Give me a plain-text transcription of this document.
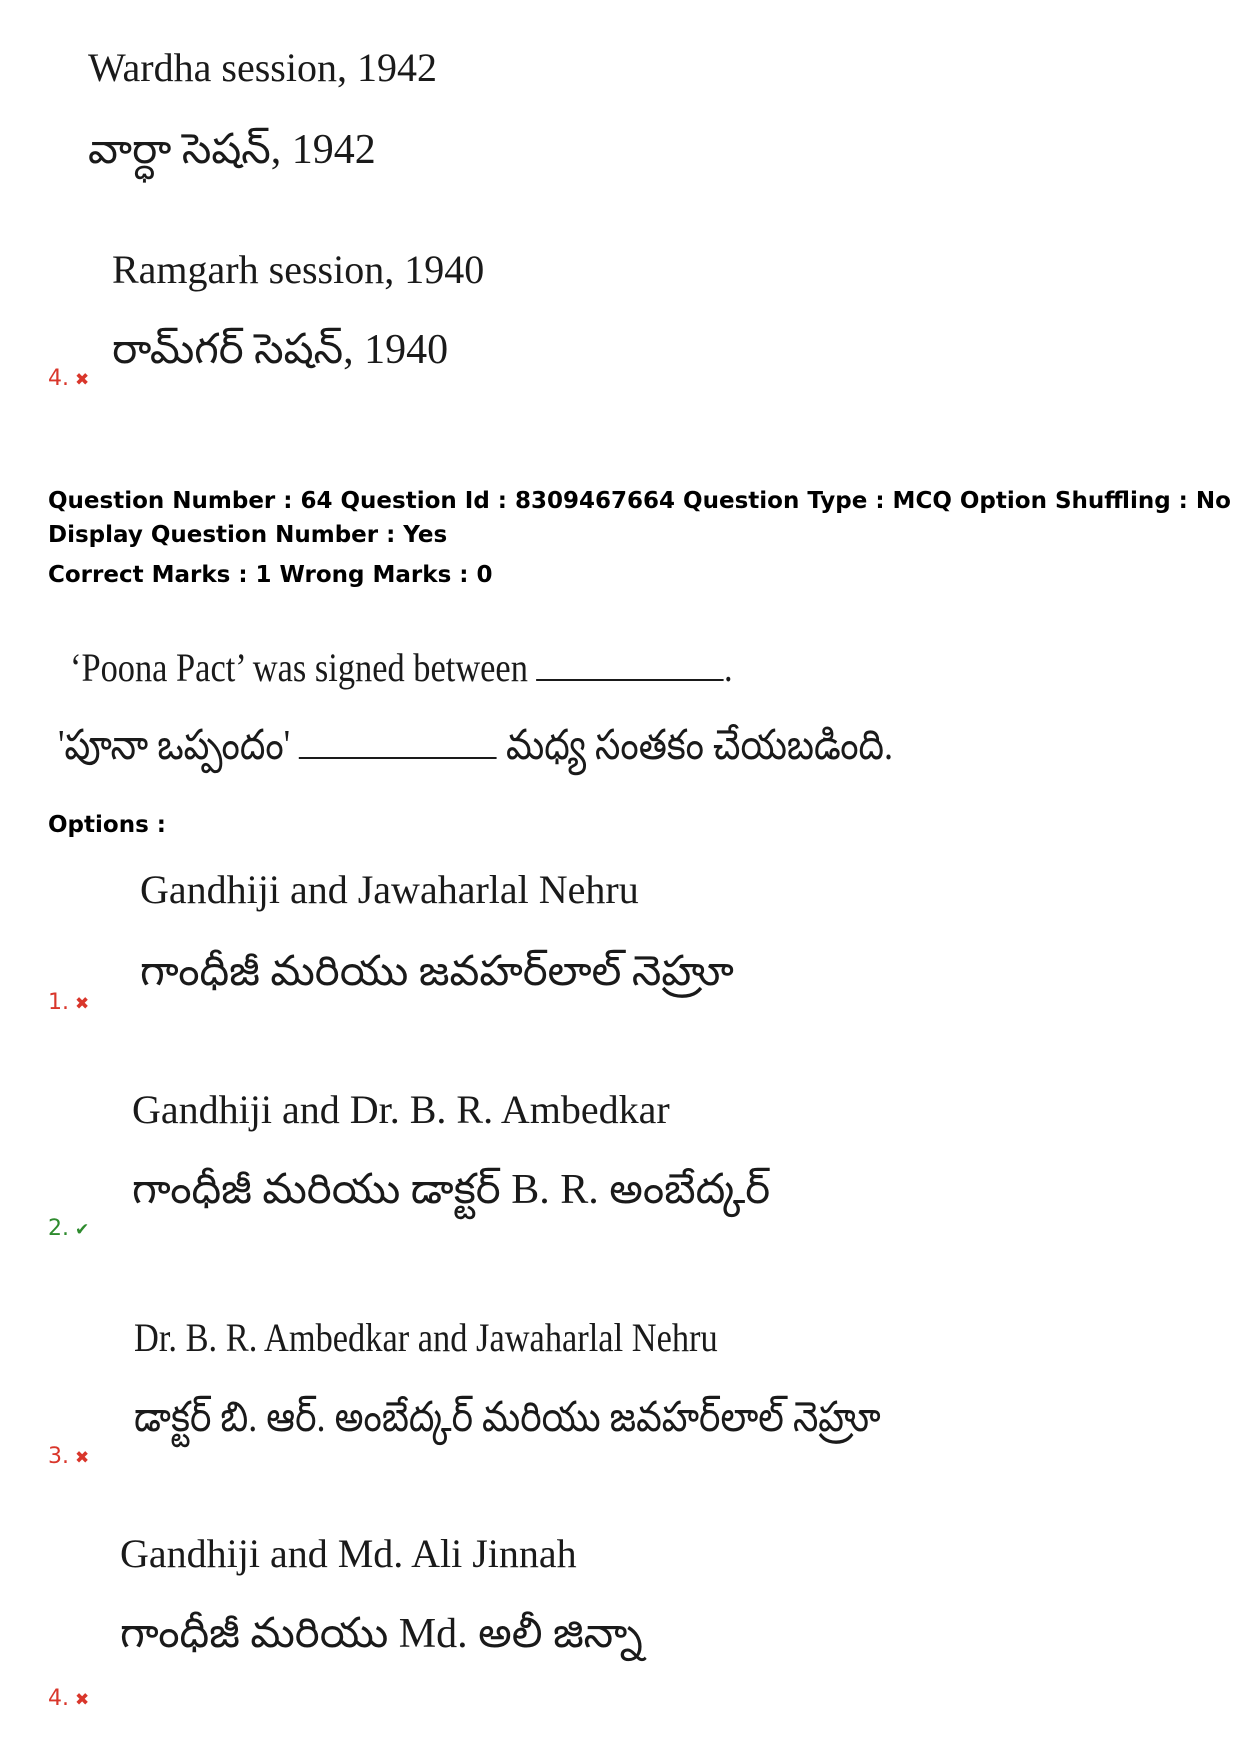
Wardha session, 1942
వార్ధా సెషన్, 1942
Ramgarh session, 1940
రామ్‌గర్ సెషన్, 1940
4. ✖
Question Number : 64 Question Id : 8309467664 Question Type : MCQ Option Shuffling : No
Display Question Number : Yes
Correct Marks : 1 Wrong Marks : 0
‘Poona Pact’ was signed between	.
'పూనా ఒప్పందం'	మధ్య సంతకం చేయబడింది.
Options :
Gandhiji and Jawaharlal Nehru
గాంధీజీ మరియు జవహర్‌లాల్ నెహ్రూ
1. ✖
Gandhiji and Dr. B. R. Ambedkar
గాంధీజీ మరియు డాక్టర్ B. R. అంబేద్కర్
2. ✔
Dr. B. R. Ambedkar and Jawaharlal Nehru
డాక్టర్ బి. ఆర్. అంబేద్కర్ మరియు జవహర్‌లాల్ నెహ్రూ
3. ✖
Gandhiji and Md. Ali Jinnah
గాంధీజీ మరియు Md. అలీ జిన్నా
4. ✖
